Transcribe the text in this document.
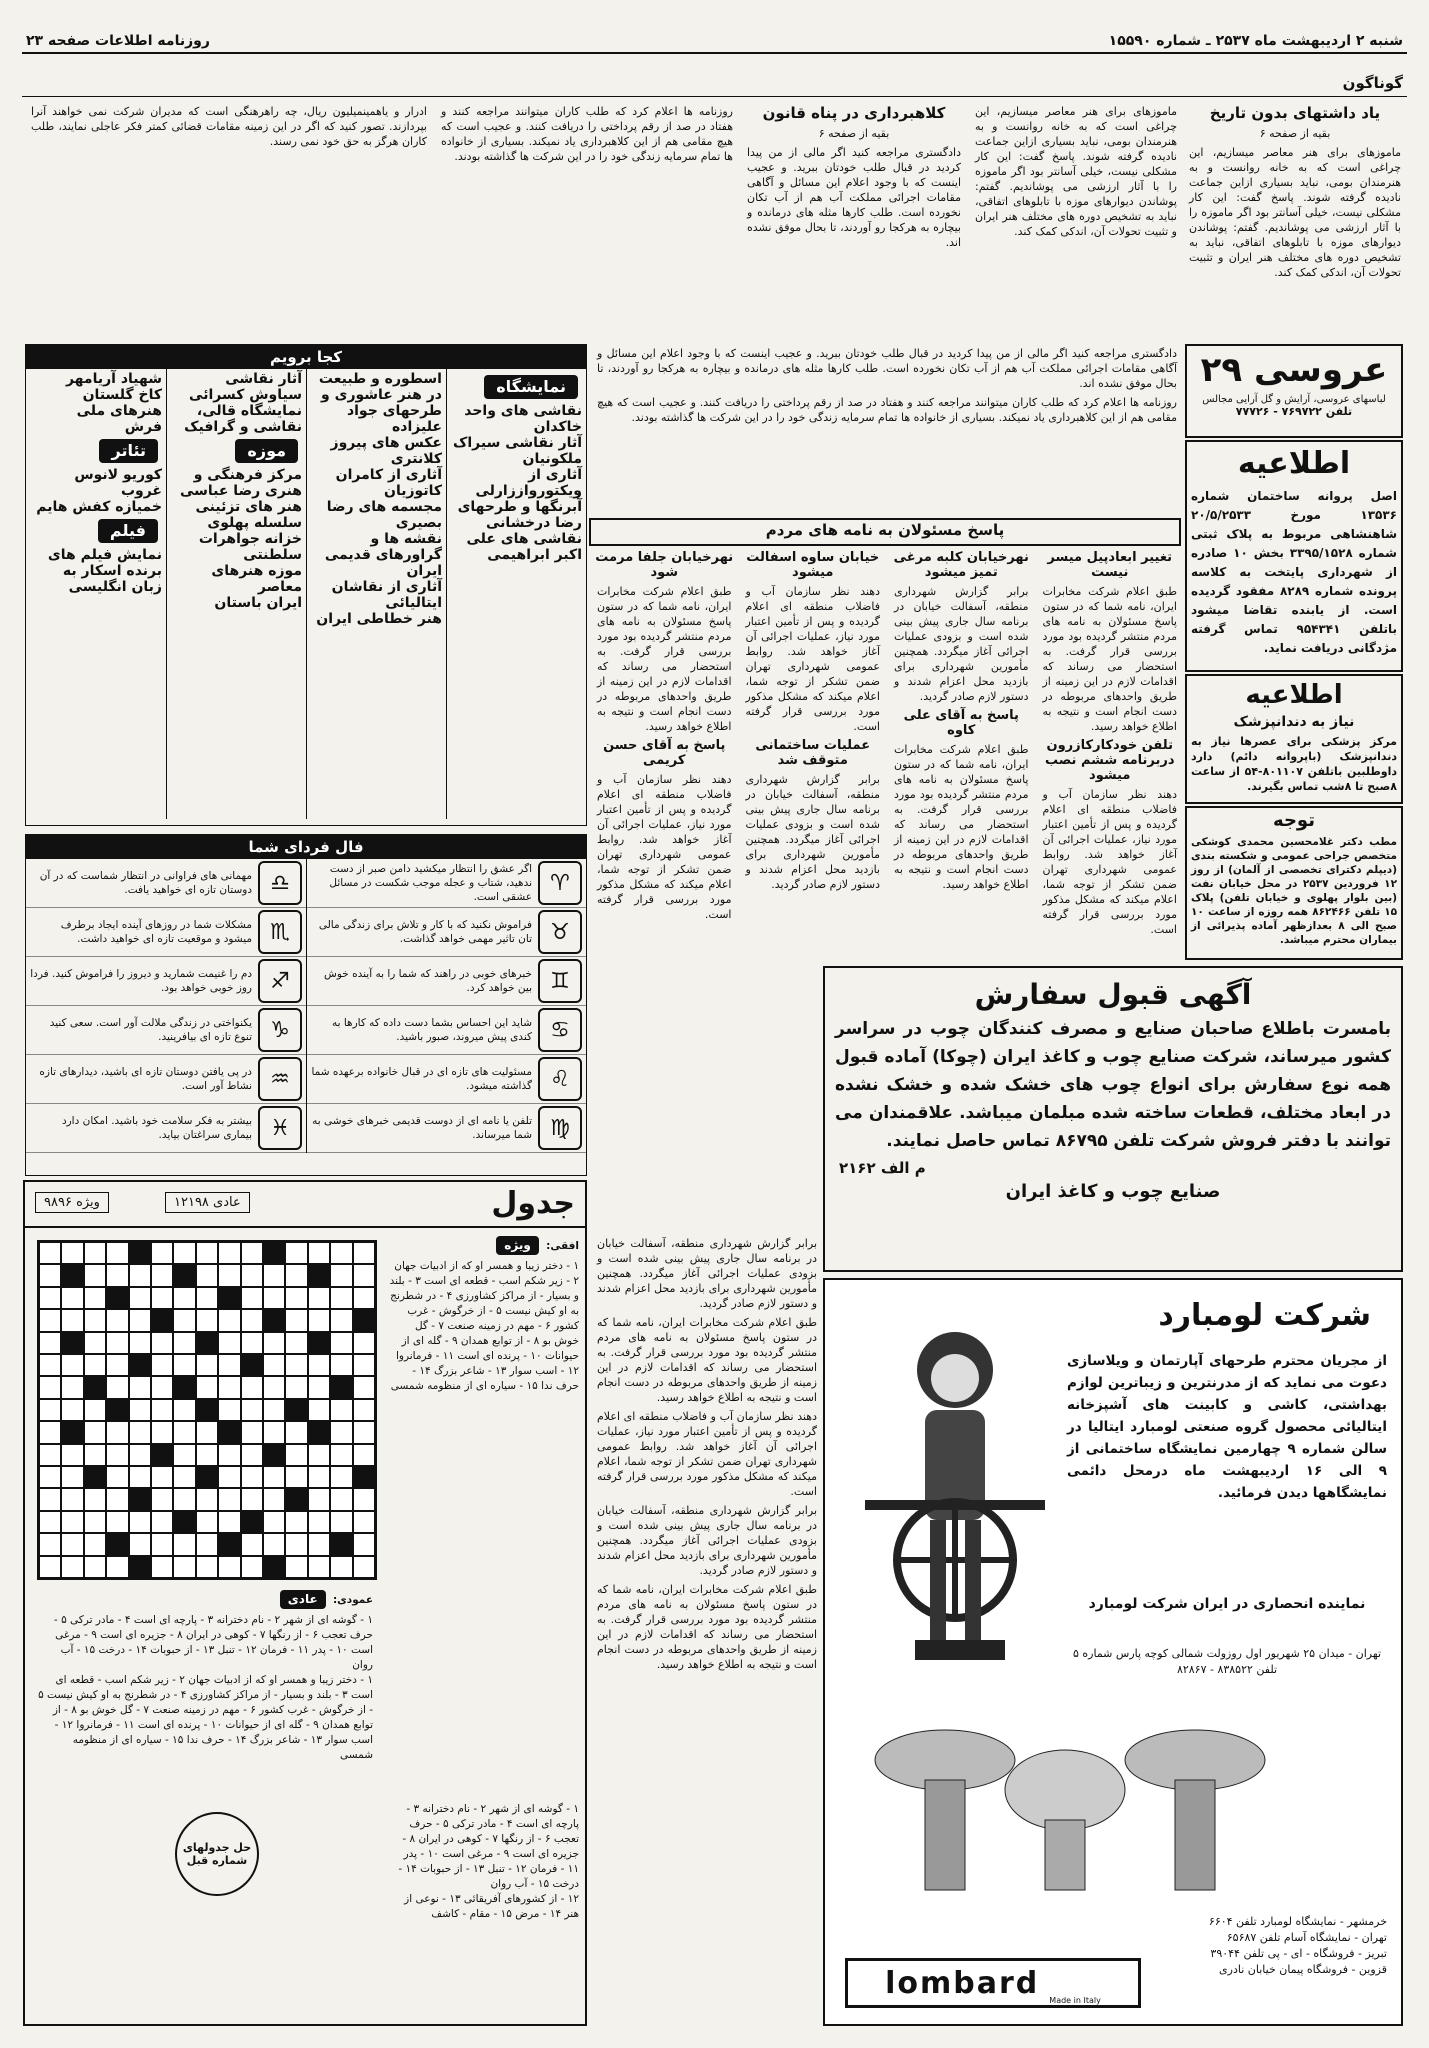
شنبه ۲ اردیبهشت ماه ۲۵۳۷ ـ شماره ۱۵۵۹۰
روزنامه اطلاعات صفحه ۲۳
گوناگون
یاد داشتهای بدون تاریخ

بقیه از صفحه ۶

ماموزهای برای هنر معاصر میسازیم، این چراغی است که به خانه روانست و به هنرمندان بومی، نباید بسیاری ازاین جماعت نادیده گرفته شوند. پاسخ گفت: این کار مشکلی نیست، خیلی آسانتر بود اگر ماموزه را با آثار ارزشی می پوشاندیم. گفتم: پوشاندن دیوارهای موزه با تابلوهای اتفاقی، نباید به تشخیص دوره های مختلف هنر ایران و تثبیت تحولات آن، اندکی کمک کند.

عروسی ۲۹
لباسهای عروسی، آرایش و گل آرایی مجالس
تلفن ۷۶۹۷۲۲ - ۷۷۷۲۶
اطلاعیه

اصل پروانه ساختمان شماره ۱۳۵۳۶ مورخ ۲۰/۵/۲۵۳۳ شاهنشاهی مربوط به پلاک ثبتی شماره ۳۳۹۵/۱۵۲۸ بخش ۱۰ صادره از شهرداری پایتخت به کلاسه پرونده شماره ۸۲۸۹ مفقود گردیده است. از یابنده تقاضا میشود باتلفن ۹۵۴۳۴۱ تماس گرفته مژدگانی دریافت نماید.

اطلاعیه
نیاز به دندانپزشک

مرکز پزشکی برای عصرها نیاز به دندانپزشک (باپروانه دائم) دارد داوطلبین باتلفن ۸۰۱۱۰۷-۵۴ از ساعت ۸صبح تا ۸شب تماس بگیرند.

توجه

مطب دکتر غلامحسین محمدی کوشکی متخصص جراحی عمومی و شکسته بندی (دیپلم دکترای تخصصی از آلمان) از روز ۱۲ فروردین ۲۵۳۷ در محل خیابان نفت (بین بلوار پهلوی و خیابان تلفن) پلاک ۱۵ تلفن ۸۶۲۴۶۶ همه روزه از ساعت ۱۰ صبح الی ۸ بعدازظهر آماده پذیرائی از بیماران محترم میباشد.

آگهی قبول سفارش
بامسرت باطلاع صاحبان صنایع و مصرف کنندگان چوب در سراسر کشور میرساند، شرکت صنایع چوب و کاغذ ایران (چوکا) آماده قبول همه نوع سفارش برای انواع چوب های خشک شده و خشک نشده در ابعاد مختلف، قطعات ساخته شده مبلمان میباشد. علاقمندان می توانند با دفتر فروش شرکت تلفن ۸۶۷۹۵ تماس حاصل نمایند.
م الف ۲۱۶۲
صنایع چوب و کاغذ ایران
شرکت لومبارد
از مجریان محترم طرحهای آپارتمان و ویلاسازی دعوت می نماید که از مدرنترین و زیباترین لوازم بهداشتی، کاشی و کابینت های آشپزخانه ایتالیائی محصول گروه صنعتی لومبارد ایتالیا در سالن شماره ۹ چهارمین نمایشگاه ساختمانی از ۹ الی ۱۶ اردیبهشت ماه درمحل دائمی نمایشگاهها دیدن فرمائید.
نماینده انحصاری در ایران شرکت لومبارد
تهران - میدان ۲۵ شهریور اول روزولت شمالی کوچه پارس شماره ۵ تلفن ۸۳۸۵۲۲ - ۸۲۸۶۷
خرمشهر - نمایشگاه لومبارد تلفن ۶۶۰۴
تهران - نمایشگاه آسام تلفن ۶۵۶۸۷
تبریز - فروشگاه - ای - پی تلفن ۳۹۰۴۴
قزوین - فروشگاه پیمان خیابان نادری
lombard Made in Italy

ماموزهای برای هنر معاصر میسازیم، این چراغی است که به خانه روانست و به هنرمندان بومی، نباید بسیاری ازاین جماعت نادیده گرفته شوند. پاسخ گفت: این کار مشکلی نیست، خیلی آسانتر بود اگر ماموزه را با آثار ارزشی می پوشاندیم. گفتم: پوشاندن دیوارهای موزه با تابلوهای اتفاقی، نباید به تشخیص دوره های مختلف هنر ایران و تثبیت تحولات آن، اندکی کمک کند.

کلاهبرداری در پناه قانون

بقیه از صفحه ۶

دادگستری مراجعه کنید اگر مالی از من پیدا کردید در قبال طلب خودتان ببرید. و عجیب اینست که با وجود اعلام این مسائل و آگاهی مقامات اجرائی مملکت آب هم از آب تکان نخورده است. طلب کارها مثله های درمانده و بیچاره به هرکجا رو آوردند، تا بحال موفق نشده اند.

روزنامه ها اعلام کرد که طلب کاران میتوانند مراجعه کنند و هفتاد در صد از رقم پرداختی را دریافت کنند. و عجیب است که هیچ مقامی هم از این کلاهبرداری یاد نمیکند. بسیاری از خانواده ها تمام سرمایه زندگی خود را در این شرکت ها گذاشته بودند.

ادرار و یاهمینمیلیون ریال، چه راهرهنگی است که مدیران شرکت نمی خواهند آنرا بپردازند. تصور کنید که اگر در این زمینه مقامات قضائی کمتر فکر عاجلی نمایند، طلب کاران هرگز به حق خود نمی رسند.

پاسخ مسئولان به نامه های مردم
تغییر ابعادپیل میسر نیست

طبق اعلام شرکت مخابرات ایران، نامه شما که در ستون پاسخ مسئولان به نامه های مردم منتشر گردیده بود مورد بررسی قرار گرفت. به استحضار می رساند که اقدامات لازم در این زمینه از طریق واحدهای مربوطه در دست انجام است و نتیجه به اطلاع خواهد رسید.

تلفن خودکارکازرون دربرنامه ششم نصب میشود

دهند نظر سازمان آب و فاضلاب منطقه ای اعلام گردیده و پس از تأمین اعتبار مورد نیاز، عملیات اجرائی آن آغاز خواهد شد. روابط عمومی شهرداری تهران ضمن تشکر از توجه شما، اعلام میکند که مشکل مذکور مورد بررسی قرار گرفته است.

نهرخیابان کلبه مرغی تمیز میشود

برابر گزارش شهرداری منطقه، آسفالت خیابان در برنامه سال جاری پیش بینی شده است و بزودی عملیات اجرائی آغاز میگردد. همچنین مأمورین شهرداری برای بازدید محل اعزام شدند و دستور لازم صادر گردید.

پاسخ به آقای علی کاوه

طبق اعلام شرکت مخابرات ایران، نامه شما که در ستون پاسخ مسئولان به نامه های مردم منتشر گردیده بود مورد بررسی قرار گرفت. به استحضار می رساند که اقدامات لازم در این زمینه از طریق واحدهای مربوطه در دست انجام است و نتیجه به اطلاع خواهد رسید.

خیابان ساوه اسفالت میشود

دهند نظر سازمان آب و فاضلاب منطقه ای اعلام گردیده و پس از تأمین اعتبار مورد نیاز، عملیات اجرائی آن آغاز خواهد شد. روابط عمومی شهرداری تهران ضمن تشکر از توجه شما، اعلام میکند که مشکل مذکور مورد بررسی قرار گرفته است.

عملیات ساختمانی متوقف شد

برابر گزارش شهرداری منطقه، آسفالت خیابان در برنامه سال جاری پیش بینی شده است و بزودی عملیات اجرائی آغاز میگردد. همچنین مأمورین شهرداری برای بازدید محل اعزام شدند و دستور لازم صادر گردید.

نهرخیابان جلفا مرمت شود

طبق اعلام شرکت مخابرات ایران، نامه شما که در ستون پاسخ مسئولان به نامه های مردم منتشر گردیده بود مورد بررسی قرار گرفت. به استحضار می رساند که اقدامات لازم در این زمینه از طریق واحدهای مربوطه در دست انجام است و نتیجه به اطلاع خواهد رسید.

پاسخ به آقای حسن کریمی

دهند نظر سازمان آب و فاضلاب منطقه ای اعلام گردیده و پس از تأمین اعتبار مورد نیاز، عملیات اجرائی آن آغاز خواهد شد. روابط عمومی شهرداری تهران ضمن تشکر از توجه شما، اعلام میکند که مشکل مذکور مورد بررسی قرار گرفته است.

دادگستری مراجعه کنید اگر مالی از من پیدا کردید در قبال طلب خودتان ببرید. و عجیب اینست که با وجود اعلام این مسائل و آگاهی مقامات اجرائی مملکت آب هم از آب تکان نخورده است. طلب کارها مثله های درمانده و بیچاره به هرکجا رو آوردند، تا بحال موفق نشده اند.

روزنامه ها اعلام کرد که طلب کاران میتوانند مراجعه کنند و هفتاد در صد از رقم پرداختی را دریافت کنند. و عجیب است که هیچ مقامی هم از این کلاهبرداری یاد نمیکند. بسیاری از خانواده ها تمام سرمایه زندگی خود را در این شرکت ها گذاشته بودند.

کجا برویم
نمایشگاه
نقاشی های واحد خاکدان
آثار نقاشی سیراک ملکونیان
آثاری از ویکتورواززارلی
آبرنگها و طرحهای رضا درخشانی
نقاشی های علی اکبر ابراهیمی
اسطوره و طبیعت در هنر عاشوری و طرحهای جواد علیزاده
عکس های پیروز کلانتری
آثاری از کامران کاتوزیان
مجسمه های رضا بصیری
نقشه ها و گراورهای قدیمی ایران
آثاری از نقاشان ایتالیائی
هنر خطاطی ایران
آثار نقاشی سیاوش کسرائی
نمایشگاه قالی، نقاشی و گرافیک
موزه
مرکز فرهنگی و هنری رضا عباسی
هنر های تزئینی
سلسله پهلوی
خزانه جواهرات سلطنتی
موزه هنرهای معاصر
ایران باستان
شهیاد آریامهر
کاخ گلستان
هنرهای ملی
فرش
تئاتر
کوریو لانوس
غروب
خمیازه کفش هایم
فیلم
نمایش فیلم های برنده اسکار به زبان انگلیسی
فال فردای شما
♈
اگر عشق را انتظار میکشید دامن صبر از دست ندهید، شتاب و عجله موجب شکست در مسائل عشقی است.
♉
فراموش نکنید که با کار و تلاش برای زندگی مالی تان تاثیر مهمی خواهد گذاشت.
♊
خبرهای خوبی در راهند که شما را به آینده خوش بین خواهد کرد.
♋
شاید این احساس بشما دست داده که کارها به کندی پیش میروند، صبور باشید.
♌
مسئولیت های تازه ای در قبال خانواده برعهده شما گذاشته میشود.
♍
تلفن یا نامه ای از دوست قدیمی خبرهای خوشی به شما میرساند.
♎
مهمانی های فراوانی در انتظار شماست که در آن دوستان تازه ای خواهید یافت.
♏
مشکلات شما در روزهای آینده ایجاد برطرف میشود و موقعیت تازه ای خواهید داشت.
♐
دم را غنیمت شمارید و دیروز را فراموش کنید. فردا روز خوبی خواهد بود.
♑
یکنواختی در زندگی ملالت آور است. سعی کنید تنوع تازه ای بیافرینید.
♒
در پی یافتن دوستان تازه ای باشید، دیدارهای تازه نشاط آور است.
♓
بیشتر به فکر سلامت خود باشید. امکان دارد بیماری سراغتان بیاید.

برابر گزارش شهرداری منطقه، آسفالت خیابان در برنامه سال جاری پیش بینی شده است و بزودی عملیات اجرائی آغاز میگردد. همچنین مأمورین شهرداری برای بازدید محل اعزام شدند و دستور لازم صادر گردید.

طبق اعلام شرکت مخابرات ایران، نامه شما که در ستون پاسخ مسئولان به نامه های مردم منتشر گردیده بود مورد بررسی قرار گرفت. به استحضار می رساند که اقدامات لازم در این زمینه از طریق واحدهای مربوطه در دست انجام است و نتیجه به اطلاع خواهد رسید.

دهند نظر سازمان آب و فاضلاب منطقه ای اعلام گردیده و پس از تأمین اعتبار مورد نیاز، عملیات اجرائی آن آغاز خواهد شد. روابط عمومی شهرداری تهران ضمن تشکر از توجه شما، اعلام میکند که مشکل مذکور مورد بررسی قرار گرفته است.

برابر گزارش شهرداری منطقه، آسفالت خیابان در برنامه سال جاری پیش بینی شده است و بزودی عملیات اجرائی آغاز میگردد. همچنین مأمورین شهرداری برای بازدید محل اعزام شدند و دستور لازم صادر گردید.

طبق اعلام شرکت مخابرات ایران، نامه شما که در ستون پاسخ مسئولان به نامه های مردم منتشر گردیده بود مورد بررسی قرار گرفت. به استحضار می رساند که اقدامات لازم در این زمینه از طریق واحدهای مربوطه در دست انجام است و نتیجه به اطلاع خواهد رسید.

جدول
ویژه ۹۸۹۶	عادی ۱۲۱۹۸
افقی: ویژه
۱ - دختر زیبا و همسر او که از ادبیات جهان ۲ - زیر شکم اسب - قطعه ای است ۳ - بلند و بسیار - از مراکز کشاورزی ۴ - در شطرنج به او کیش نیست ۵ - از خرگوش - غرب کشور ۶ - مهم در زمینه صنعت ۷ - گل خوش بو ۸ - از توابع همدان ۹ - گله ای از حیوانات ۱۰ - پرنده ای است ۱۱ - فرمانروا ۱۲ - اسب سوار ۱۳ - شاعر بزرگ ۱۴ - حرف ندا ۱۵ - سیاره ای از منظومه شمسی
عمودی: عادی
۱ - گوشه ای از شهر ۲ - نام دخترانه ۳ - پارچه ای است ۴ - مادر ترکی ۵ - حرف تعجب ۶ - از رنگها ۷ - کوهی در ایران ۸ - جزیره ای است ۹ - مرغی است ۱۰ - پدر ۱۱ - فرمان ۱۲ - تنبل ۱۳ - از حبوبات ۱۴ - درخت ۱۵ - آب روان
۱ - دختر زیبا و همسر او که از ادبیات جهان ۲ - زیر شکم اسب - قطعه ای است ۳ - بلند و بسیار - از مراکز کشاورزی ۴ - در شطرنج به او کیش نیست ۵ - از خرگوش - غرب کشور ۶ - مهم در زمینه صنعت ۷ - گل خوش بو ۸ - از توابع همدان ۹ - گله ای از حیوانات ۱۰ - پرنده ای است ۱۱ - فرمانروا ۱۲ - اسب سوار ۱۳ - شاعر بزرگ ۱۴ - حرف ندا ۱۵ - سیاره ای از منظومه شمسی
۱ - گوشه ای از شهر ۲ - نام دخترانه ۳ - پارچه ای است ۴ - مادر ترکی ۵ - حرف تعجب ۶ - از رنگها ۷ - کوهی در ایران ۸ - جزیره ای است ۹ - مرغی است ۱۰ - پدر ۱۱ - فرمان ۱۲ - تنبل ۱۳ - از حبوبات ۱۴ - درخت ۱۵ - آب روان
۱۲ - از کشورهای آفریقائی ۱۳ - نوعی از هنر ۱۴ - مرض ۱۵ - مقام - کاشف
حل جدولهای شماره قبل
